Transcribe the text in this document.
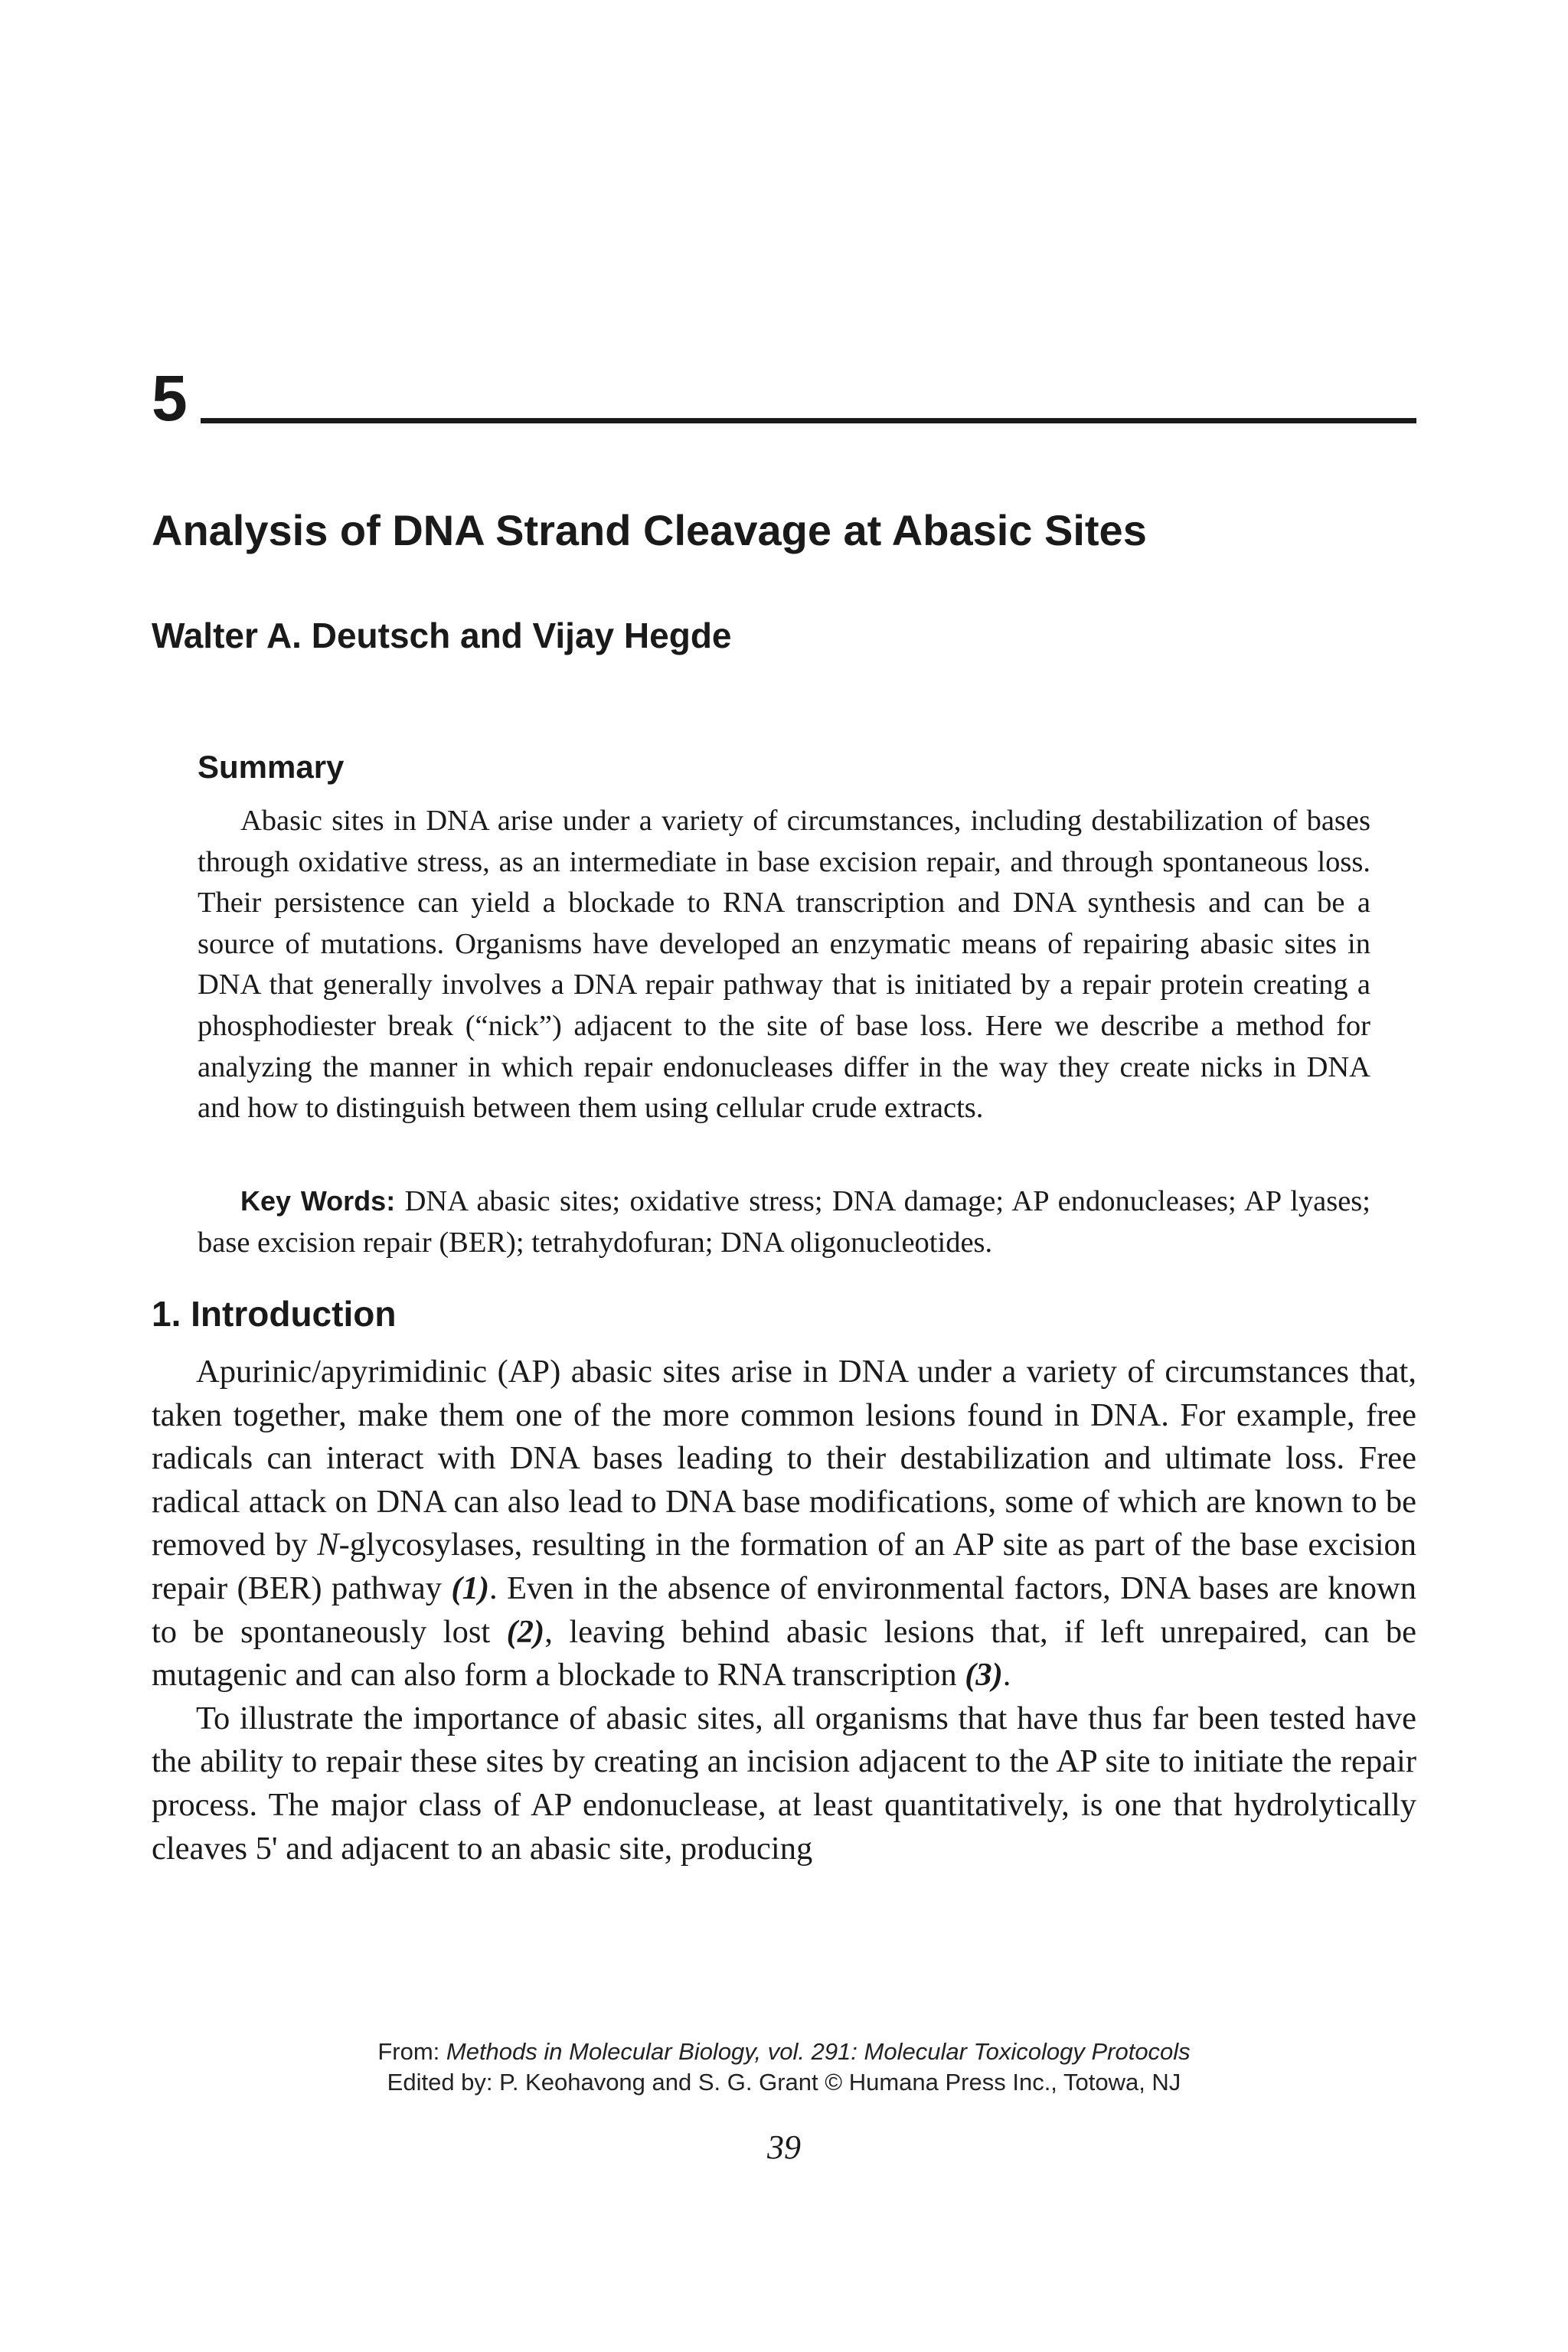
5
Analysis of DNA Strand Cleavage at Abasic Sites
Walter A. Deutsch and Vijay Hegde
Summary
Abasic sites in DNA arise under a variety of circumstances, including destabilization of bases through oxidative stress, as an intermediate in base excision repair, and through spontaneous loss. Their persistence can yield a blockade to RNA transcription and DNA synthesis and can be a source of mutations. Organisms have developed an enzymatic means of repairing abasic sites in DNA that generally involves a DNA repair pathway that is initiated by a repair protein creating a phosphodiester break (“nick”) adjacent to the site of base loss. Here we describe a method for analyzing the manner in which repair endonucleases differ in the way they create nicks in DNA and how to distinguish between them using cellular crude extracts.
Key Words: DNA abasic sites; oxidative stress; DNA damage; AP endonucleases; AP lyases; base excision repair (BER); tetrahydofuran; DNA oligonucleotides.
1. Introduction

Apurinic/apyrimidinic (AP) abasic sites arise in DNA under a variety of circumstances that, taken together, make them one of the more common lesions found in DNA. For example, free radicals can interact with DNA bases leading to their destabilization and ultimate loss. Free radical attack on DNA can also lead to DNA base modifications, some of which are known to be removed by N-glycosylases, resulting in the formation of an AP site as part of the base excision repair (BER) pathway (1). Even in the absence of environmental factors, DNA bases are known to be spontaneously lost (2), leaving behind abasic lesions that, if left unrepaired, can be mutagenic and can also form a blockade to RNA transcription (3).

To illustrate the importance of abasic sites, all organisms that have thus far been tested have the ability to repair these sites by creating an incision adjacent to the AP site to initiate the repair process. The major class of AP endonuclease, at least quantitatively, is one that hydrolytically cleaves 5' and adjacent to an abasic site, producing

From: Methods in Molecular Biology, vol. 291: Molecular Toxicology Protocols
Edited by: P. Keohavong and S. G. Grant © Humana Press Inc., Totowa, NJ
39
